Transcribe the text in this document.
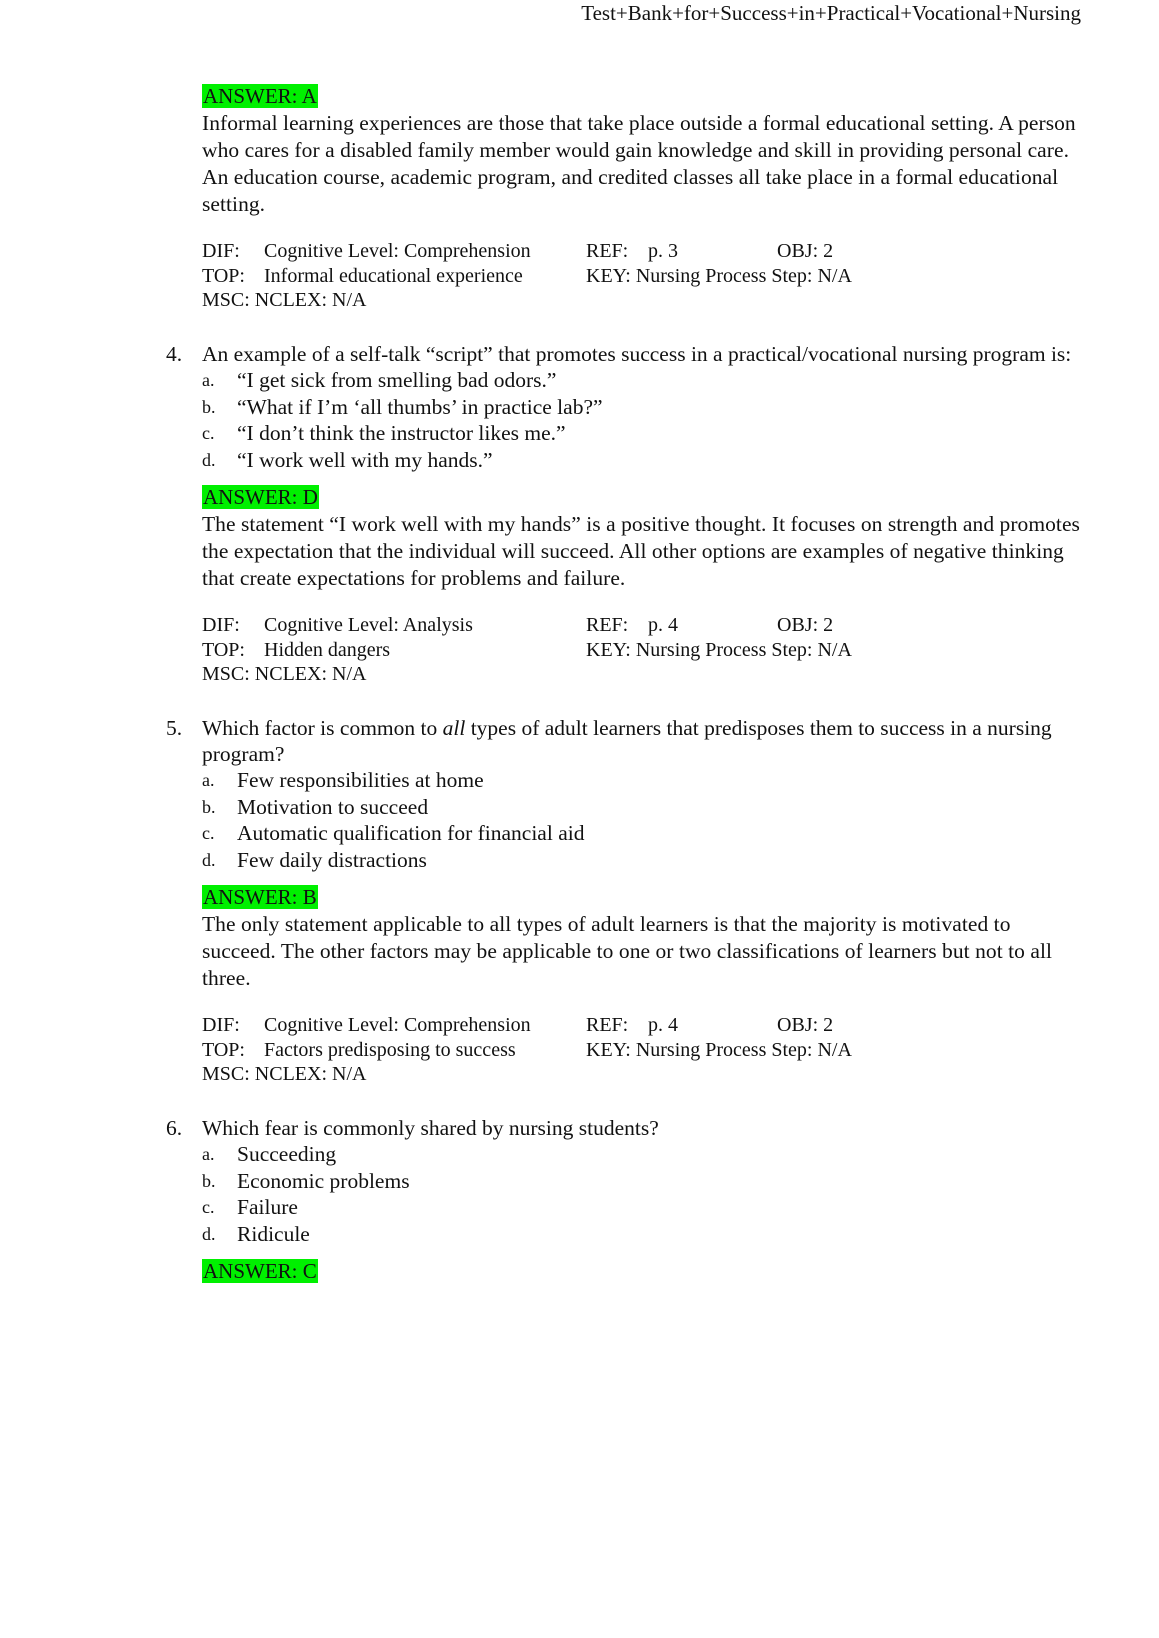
Test+Bank+for+Success+in+Practical+Vocational+Nursing
ANSWER: A

Informal learning experiences are those that take place outside a formal educational setting. A person who cares for a disabled family member would gain knowledge and skill in providing personal care. An education course, academic program, and credited classes all take place in a formal educational setting.

DIF: Cognitive Level: Comprehension	REF: p. 3	OBJ: 2
TOP: Informal educational experience	KEY: Nursing Process Step: N/A
MSC: NCLEX: N/A
4. An example of a self-talk “script” that promotes success in a practical/vocational nursing program is:
a. “I get sick from smelling bad odors.”
b. “What if I’m ‘all thumbs’ in practice lab?”
c. “I don’t think the instructor likes me.”
d. “I work well with my hands.”
ANSWER: D

The statement “I work well with my hands” is a positive thought. It focuses on strength and promotes the expectation that the individual will succeed. All other options are examples of negative thinking that create expectations for problems and failure.

DIF: Cognitive Level: Analysis	REF: p. 4	OBJ: 2
TOP: Hidden dangers	KEY: Nursing Process Step: N/A
MSC: NCLEX: N/A
5. Which factor is common to all types of adult learners that predisposes them to success in a nursing program?
a. Few responsibilities at home
b. Motivation to succeed
c. Automatic qualification for financial aid
d. Few daily distractions
ANSWER: B

The only statement applicable to all types of adult learners is that the majority is motivated to succeed. The other factors may be applicable to one or two classifications of learners but not to all three.

DIF: Cognitive Level: Comprehension	REF: p. 4	OBJ: 2
TOP: Factors predisposing to success	KEY: Nursing Process Step: N/A
MSC: NCLEX: N/A
6. Which fear is commonly shared by nursing students?
a. Succeeding
b. Economic problems
c. Failure
d. Ridicule
ANSWER: C
